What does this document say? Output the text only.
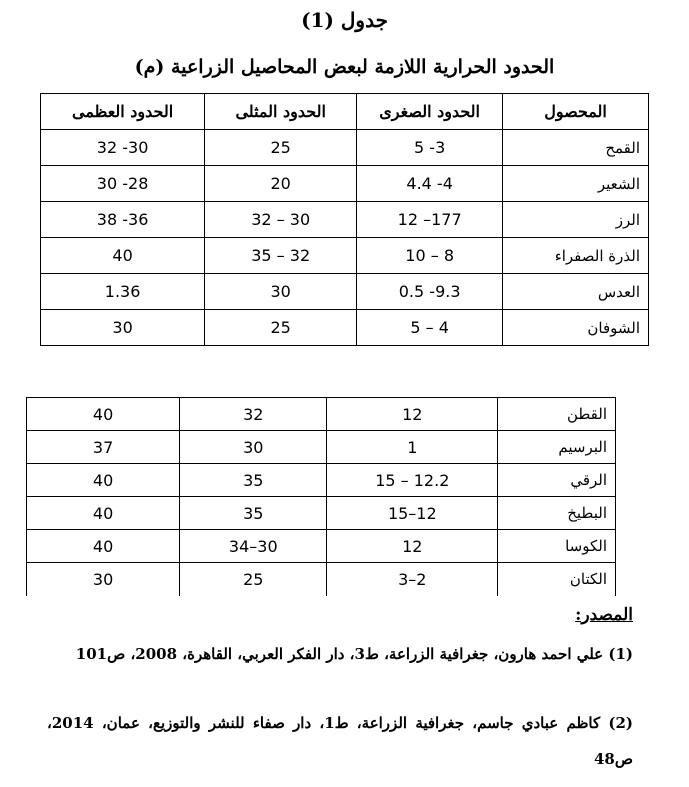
جدول (1)
الحدود الحرارية اللازمة لبعض المحاصيل الزراعية (م)
المحصول	الحدود الصغرى	الحدود المثلى	الحدود العظمى
القمح	3- 5	25	30- 32
الشعير	4- 4.4	20	28- 30
الرز	177– 12	30 – 32	36- 38
الذرة الصفراء	8 – 10	32 – 35	40
العدس	9.3- 0.5	30	1.36
الشوفان	4 – 5	25	30
القطن	12	32	40
البرسيم	1	30	37
الرقي	12.2 – 15	35	40
البطيخ	12–15	35	40
الكوسا	12	30–34	40
الكتان	2–3	25	30
المصدر:
(1) علي احمد هارون، جغرافية الزراعة، ط3، دار الفكر العربي، القاهرة، 2008، ص101
(2) كاظم عبادي جاسم، جغرافية الزراعة، ط1، دار صفاء للنشر والتوزيع، عمان، 2014، ص48
